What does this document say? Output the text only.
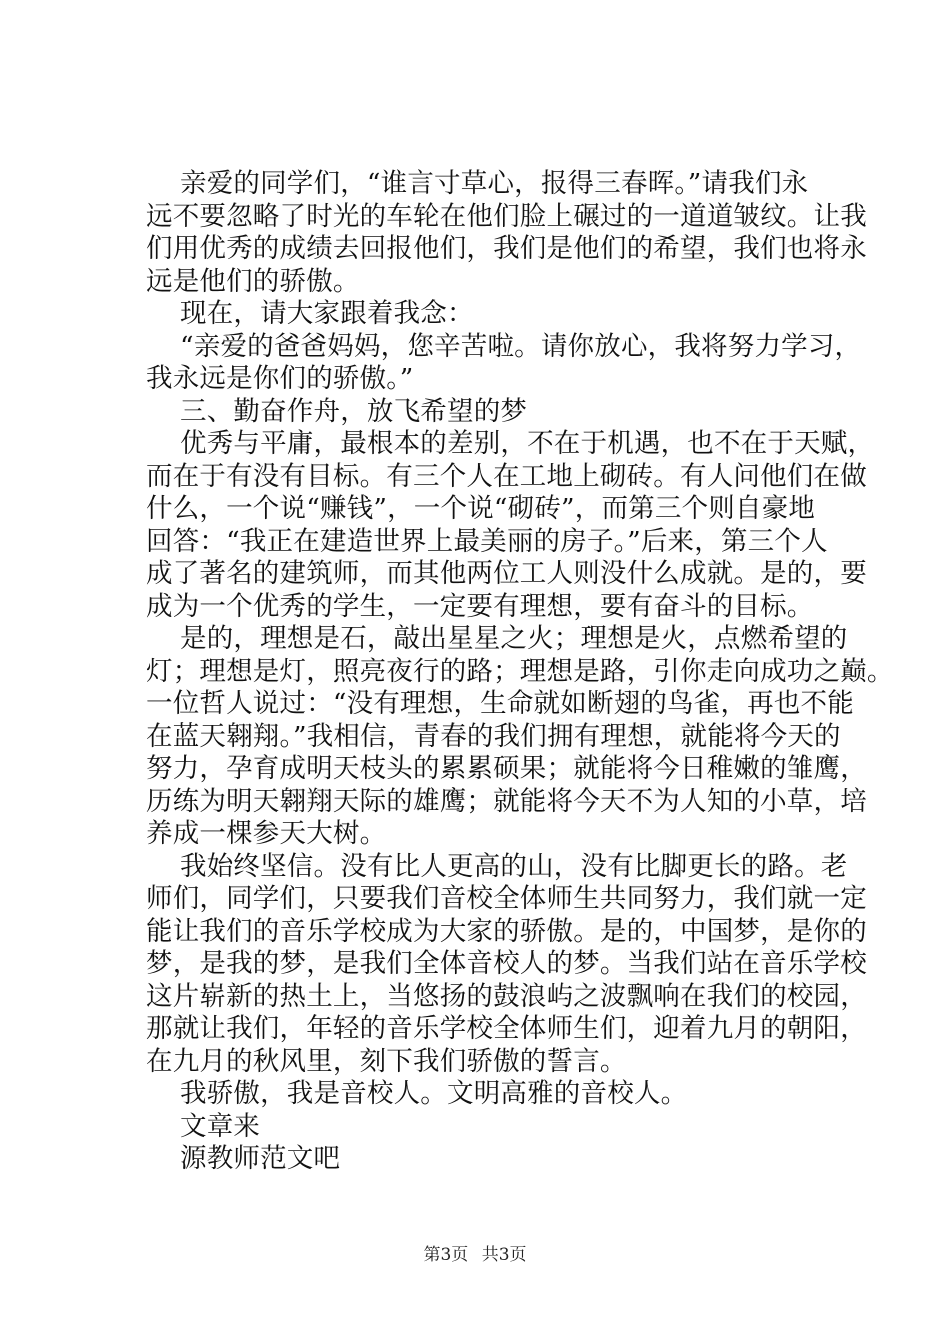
亲爱的同学们，“谁言寸草心，报得三春晖。”请我们永
远不要忽略了时光的车轮在他们脸上碾过的一道道皱纹。让我
们用优秀的成绩去回报他们，我们是他们的希望，我们也将永
远是他们的骄傲。
现在，请大家跟着我念：
“亲爱的爸爸妈妈，您辛苦啦。请你放心，我将努力学习，
我永远是你们的骄傲。”
三、勤奋作舟，放飞希望的梦
优秀与平庸，最根本的差别，不在于机遇，也不在于天赋，
而在于有没有目标。有三个人在工地上砌砖。有人问他们在做
什么，一个说“赚钱”，一个说“砌砖”，而第三个则自豪地
回答：“我正在建造世界上最美丽的房子。”后来，第三个人
成了著名的建筑师，而其他两位工人则没什么成就。是的，要
成为一个优秀的学生，一定要有理想，要有奋斗的目标。
是的，理想是石，敲出星星之火；理想是火，点燃希望的
灯；理想是灯，照亮夜行的路；理想是路，引你走向成功之巅。
一位哲人说过：“没有理想，生命就如断翅的鸟雀，再也不能
在蓝天翱翔。”我相信，青春的我们拥有理想，就能将今天的
努力，孕育成明天枝头的累累硕果；就能将今日稚嫩的雏鹰，
历练为明天翱翔天际的雄鹰；就能将今天不为人知的小草，培
养成一棵参天大树。
我始终坚信。没有比人更高的山，没有比脚更长的路。老
师们，同学们，只要我们音校全体师生共同努力，我们就一定
能让我们的音乐学校成为大家的骄傲。是的，中国梦，是你的
梦，是我的梦，是我们全体音校人的梦。当我们站在音乐学校
这片崭新的热土上，当悠扬的鼓浪屿之波飘响在我们的校园，
那就让我们，年轻的音乐学校全体师生们，迎着九月的朝阳，
在九月的秋风里，刻下我们骄傲的誓言。
我骄傲，我是音校人。文明高雅的音校人。
文章来
源教师范文吧
第3页 共3页
